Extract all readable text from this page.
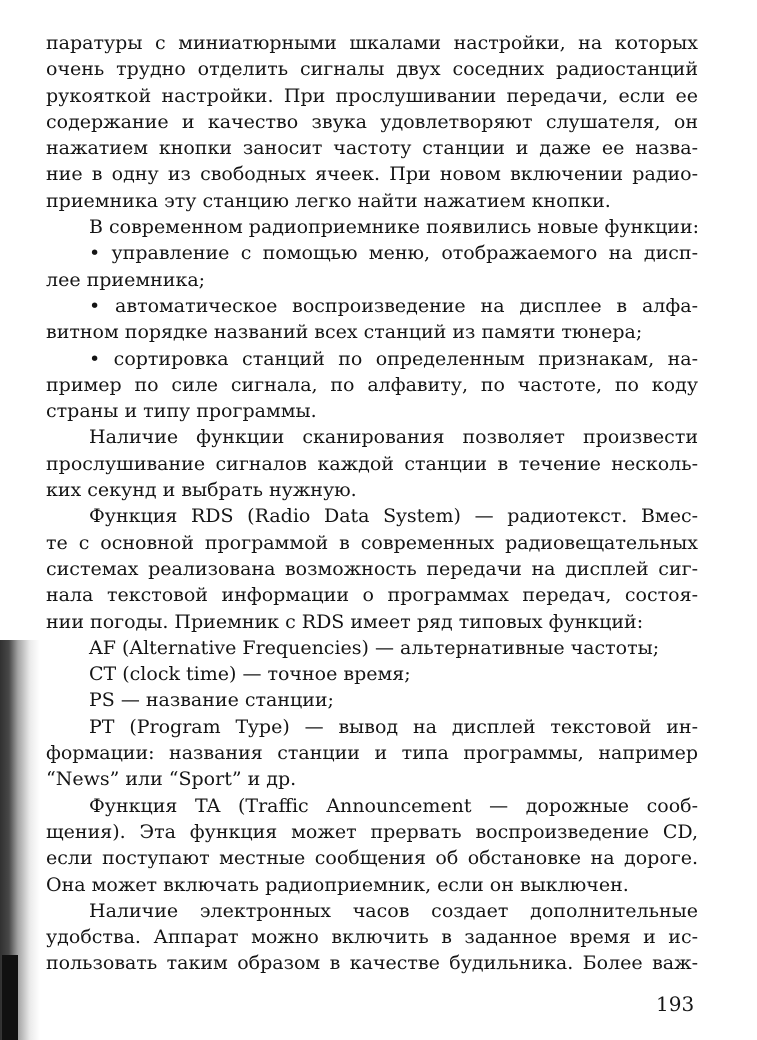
паратуры с миниатюрными шкалами настройки, на которых
очень трудно отделить сигналы двух соседних радиостанций
рукояткой настройки. При прослушивании передачи, если ее
содержание и качество звука удовлетворяют слушателя, он
нажатием кнопки заносит частоту станции и даже ее назва-
ние в одну из свободных ячеек. При новом включении радио-
приемника эту станцию легко найти нажатием кнопки.
В современном радиоприемнике появились новые функции:
• управление с помощью меню, отображаемого на дисп-
лее приемника;
• автоматическое воспроизведение на дисплее в алфа-
витном порядке названий всех станций из памяти тюнера;
• сортировка станций по определенным признакам, на-
пример по силе сигнала, по алфавиту, по частоте, по коду
страны и типу программы.
Наличие функции сканирования позволяет произвести
прослушивание сигналов каждой станции в течение несколь-
ких секунд и выбрать нужную.
Функция RDS (Radio Data System) — радиотекст. Вмес-
те с основной программой в современных радиовещательных
системах реализована возможность передачи на дисплей сиг-
нала текстовой информации о программах передач, состоя-
нии погоды. Приемник с RDS имеет ряд типовых функций:
AF (Alternative Frequencies) — альтернативные частоты;
CT (clock time) — точное время;
PS — название станции;
PT (Program Type) — вывод на дисплей текстовой ин-
формации: названия станции и типа программы, например
“News” или “Sport” и др.
Функция TA (Traffic Announcement — дорожные сооб-
щения). Эта функция может прервать воспроизведение CD,
если поступают местные сообщения об обстановке на дороге.
Она может включать радиоприемник, если он выключен.
Наличие электронных часов создает дополнительные
удобства. Аппарат можно включить в заданное время и ис-
пользовать таким образом в качестве будильника. Более важ-
193
